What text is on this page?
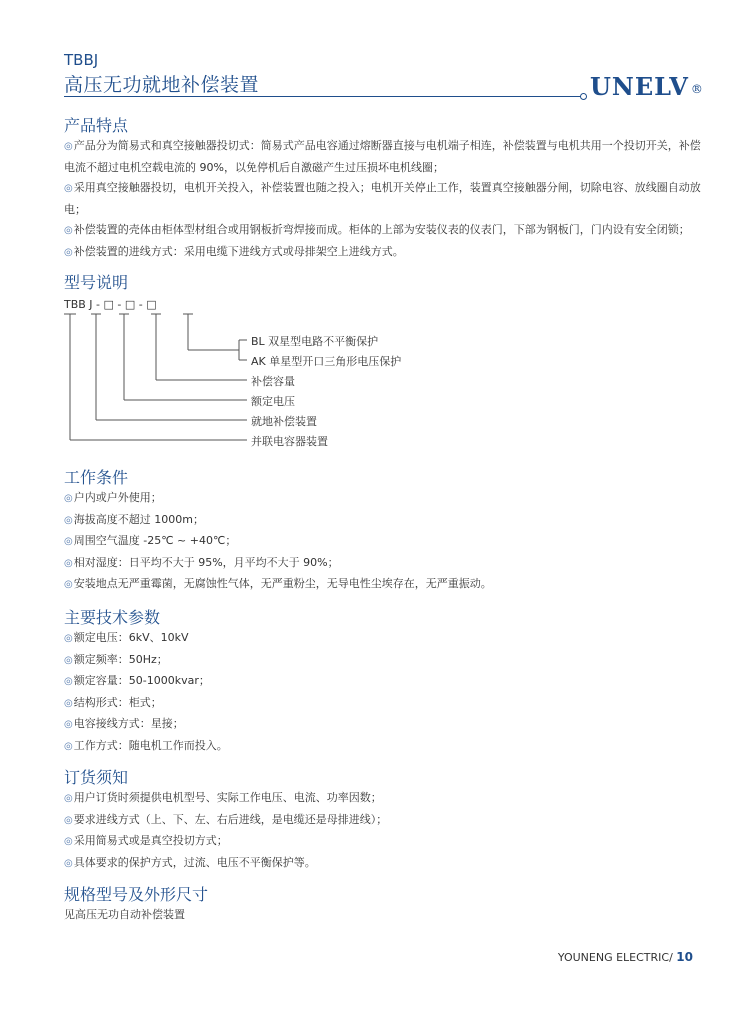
TBBJ
高压无功就地补偿装置	UNELV ®
产品特点
◎产品分为简易式和真空接触器投切式：简易式产品电容通过熔断器直接与电机端子相连，补偿装置与电机共用一个投切开关，补偿电流不超过电机空载电流的 90%，以免停机后自激磁产生过压损坏电机线圈；
◎采用真空接触器投切，电机开关投入，补偿装置也随之投入；电机开关停止工作，装置真空接触器分闸，切除电容、放线圈自动放电；
◎补偿装置的壳体由柜体型材组合或用钢板折弯焊接而成。柜体的上部为安装仪表的仪表门，下部为钢板门，门内设有安全闭锁；
◎补偿装置的进线方式：采用电缆下进线方式或母排架空上进线方式。
型号说明
TBB J - □ - □ - □
BL 双星型电路不平衡保护
AK 单星型开口三角形电压保护
补偿容量
额定电压
就地补偿装置
并联电容器装置
工作条件
◎户内或户外使用；
◎海拔高度不超过 1000m；
◎周围空气温度 -25℃ ~ +40℃；
◎相对湿度：日平均不大于 95%，月平均不大于 90%；
◎安装地点无严重霉菌，无腐蚀性气体，无严重粉尘，无导电性尘埃存在，无严重振动。
主要技术参数
◎额定电压：6kV、10kV
◎额定频率：50Hz；
◎额定容量：50-1000kvar；
◎结构形式：柜式；
◎电容接线方式：星接；
◎工作方式：随电机工作而投入。
订货须知
◎用户订货时须提供电机型号、实际工作电压、电流、功率因数；
◎要求进线方式（上、下、左、右后进线，是电缆还是母排进线）；
◎采用简易式或是真空投切方式；
◎具体要求的保护方式，过流、电压不平衡保护等。
规格型号及外形尺寸
见高压无功自动补偿装置
YOUNENG ELECTRIC/ 10
